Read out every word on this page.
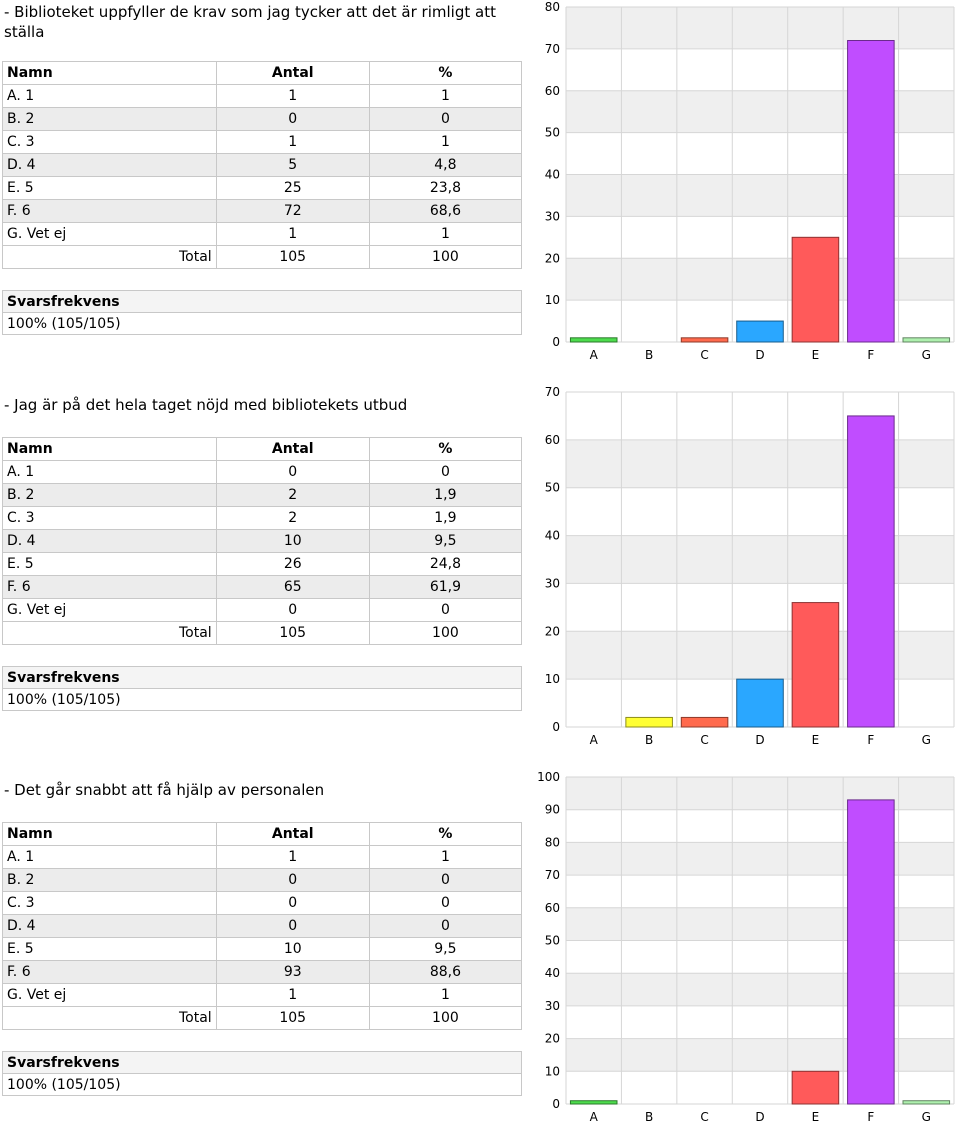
- Biblioteket uppfyller de krav som jag tycker att det är rimligt att ställa
Namn	Antal	%
A. 1	1	1
B. 2	0	0
C. 3	1	1
D. 4	5	4,8
E. 5	25	23,8
F. 6	72	68,6
G. Vet ej	1	1
Total	105	100
Svarsfrekvens
100% (105/105)
0
10
20
30
40
50
60
70
80
A	B	C	D	E	F	G
- Jag är på det hela taget nöjd med bibliotekets utbud
Namn	Antal	%
A. 1	0	0
B. 2	2	1,9
C. 3	2	1,9
D. 4	10	9,5
E. 5	26	24,8
F. 6	65	61,9
G. Vet ej	0	0
Total	105	100
Svarsfrekvens
100% (105/105)
0
10
20
30
40
50
60
70
A	B	C	D	E	F	G
- Det går snabbt att få hjälp av personalen
Namn	Antal	%
A. 1	1	1
B. 2	0	0
C. 3	0	0
D. 4	0	0
E. 5	10	9,5
F. 6	93	88,6
G. Vet ej	1	1
Total	105	100
Svarsfrekvens
100% (105/105)
0
10
20
30
40
50
60
70
80
90
100
A	B	C	D	E	F	G
